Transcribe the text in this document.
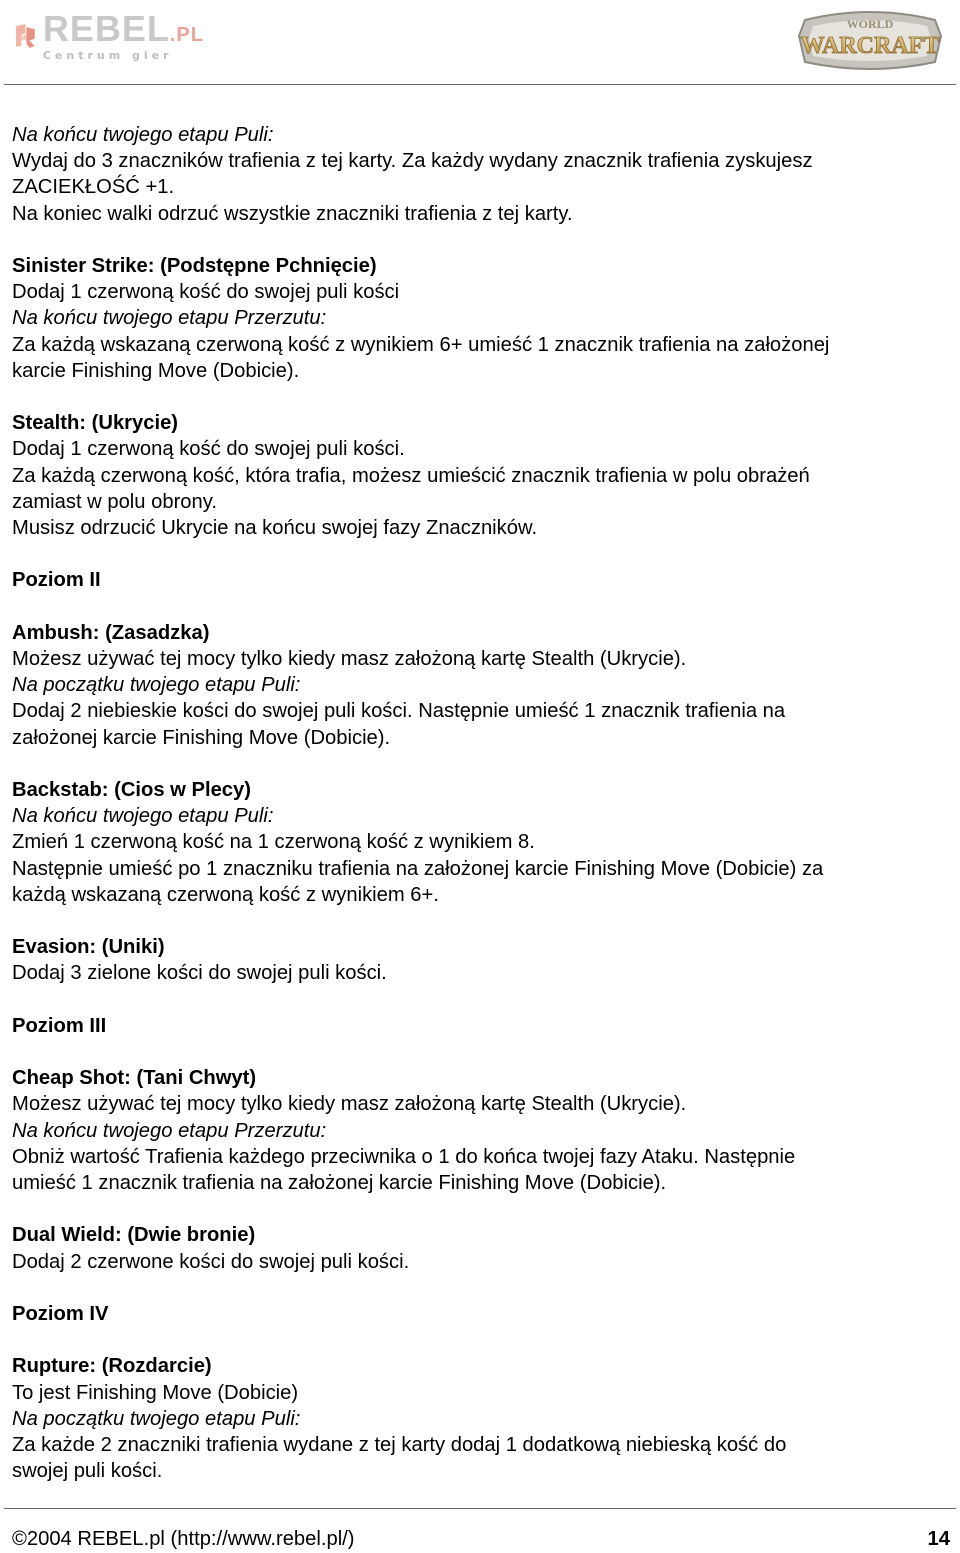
REBEL.PL
Centrum gier
WORLD
WARCRAFT
Na końcu twojego etapu Puli:
Wydaj do 3 znaczników trafienia z tej karty. Za każdy wydany znacznik trafienia zyskujesz
ZACIEKŁOŚĆ +1.
Na koniec walki odrzuć wszystkie znaczniki trafienia z tej karty.
Sinister Strike: (Podstępne Pchnięcie)
Dodaj 1 czerwoną kość do swojej puli kości
Na końcu twojego etapu Przerzutu:
Za każdą wskazaną czerwoną kość z wynikiem 6+ umieść 1 znacznik trafienia na założonej
karcie Finishing Move (Dobicie).
Stealth: (Ukrycie)
Dodaj 1 czerwoną kość do swojej puli kości.
Za każdą czerwoną kość, która trafia, możesz umieścić znacznik trafienia w polu obrażeń
zamiast w polu obrony.
Musisz odrzucić Ukrycie na końcu swojej fazy Znaczników.
Poziom II
Ambush: (Zasadzka)
Możesz używać tej mocy tylko kiedy masz założoną kartę Stealth (Ukrycie).
Na początku twojego etapu Puli:
Dodaj 2 niebieskie kości do swojej puli kości. Następnie umieść 1 znacznik trafienia na
założonej karcie Finishing Move (Dobicie).
Backstab: (Cios w Plecy)
Na końcu twojego etapu Puli:
Zmień 1 czerwoną kość na 1 czerwoną kość z wynikiem 8.
Następnie umieść po 1 znaczniku trafienia na założonej karcie Finishing Move (Dobicie) za
każdą wskazaną czerwoną kość z wynikiem 6+.
Evasion: (Uniki)
Dodaj 3 zielone kości do swojej puli kości.
Poziom III
Cheap Shot: (Tani Chwyt)
Możesz używać tej mocy tylko kiedy masz założoną kartę Stealth (Ukrycie).
Na końcu twojego etapu Przerzutu:
Obniż wartość Trafienia każdego przeciwnika o 1 do końca twojej fazy Ataku. Następnie
umieść 1 znacznik trafienia na założonej karcie Finishing Move (Dobicie).
Dual Wield: (Dwie bronie)
Dodaj 2 czerwone kości do swojej puli kości.
Poziom IV
Rupture: (Rozdarcie)
To jest Finishing Move (Dobicie)
Na początku twojego etapu Puli:
Za każde 2 znaczniki trafienia wydane z tej karty dodaj 1 dodatkową niebieską kość do
swojej puli kości.
©2004 REBEL.pl (http://www.rebel.pl/)	14
